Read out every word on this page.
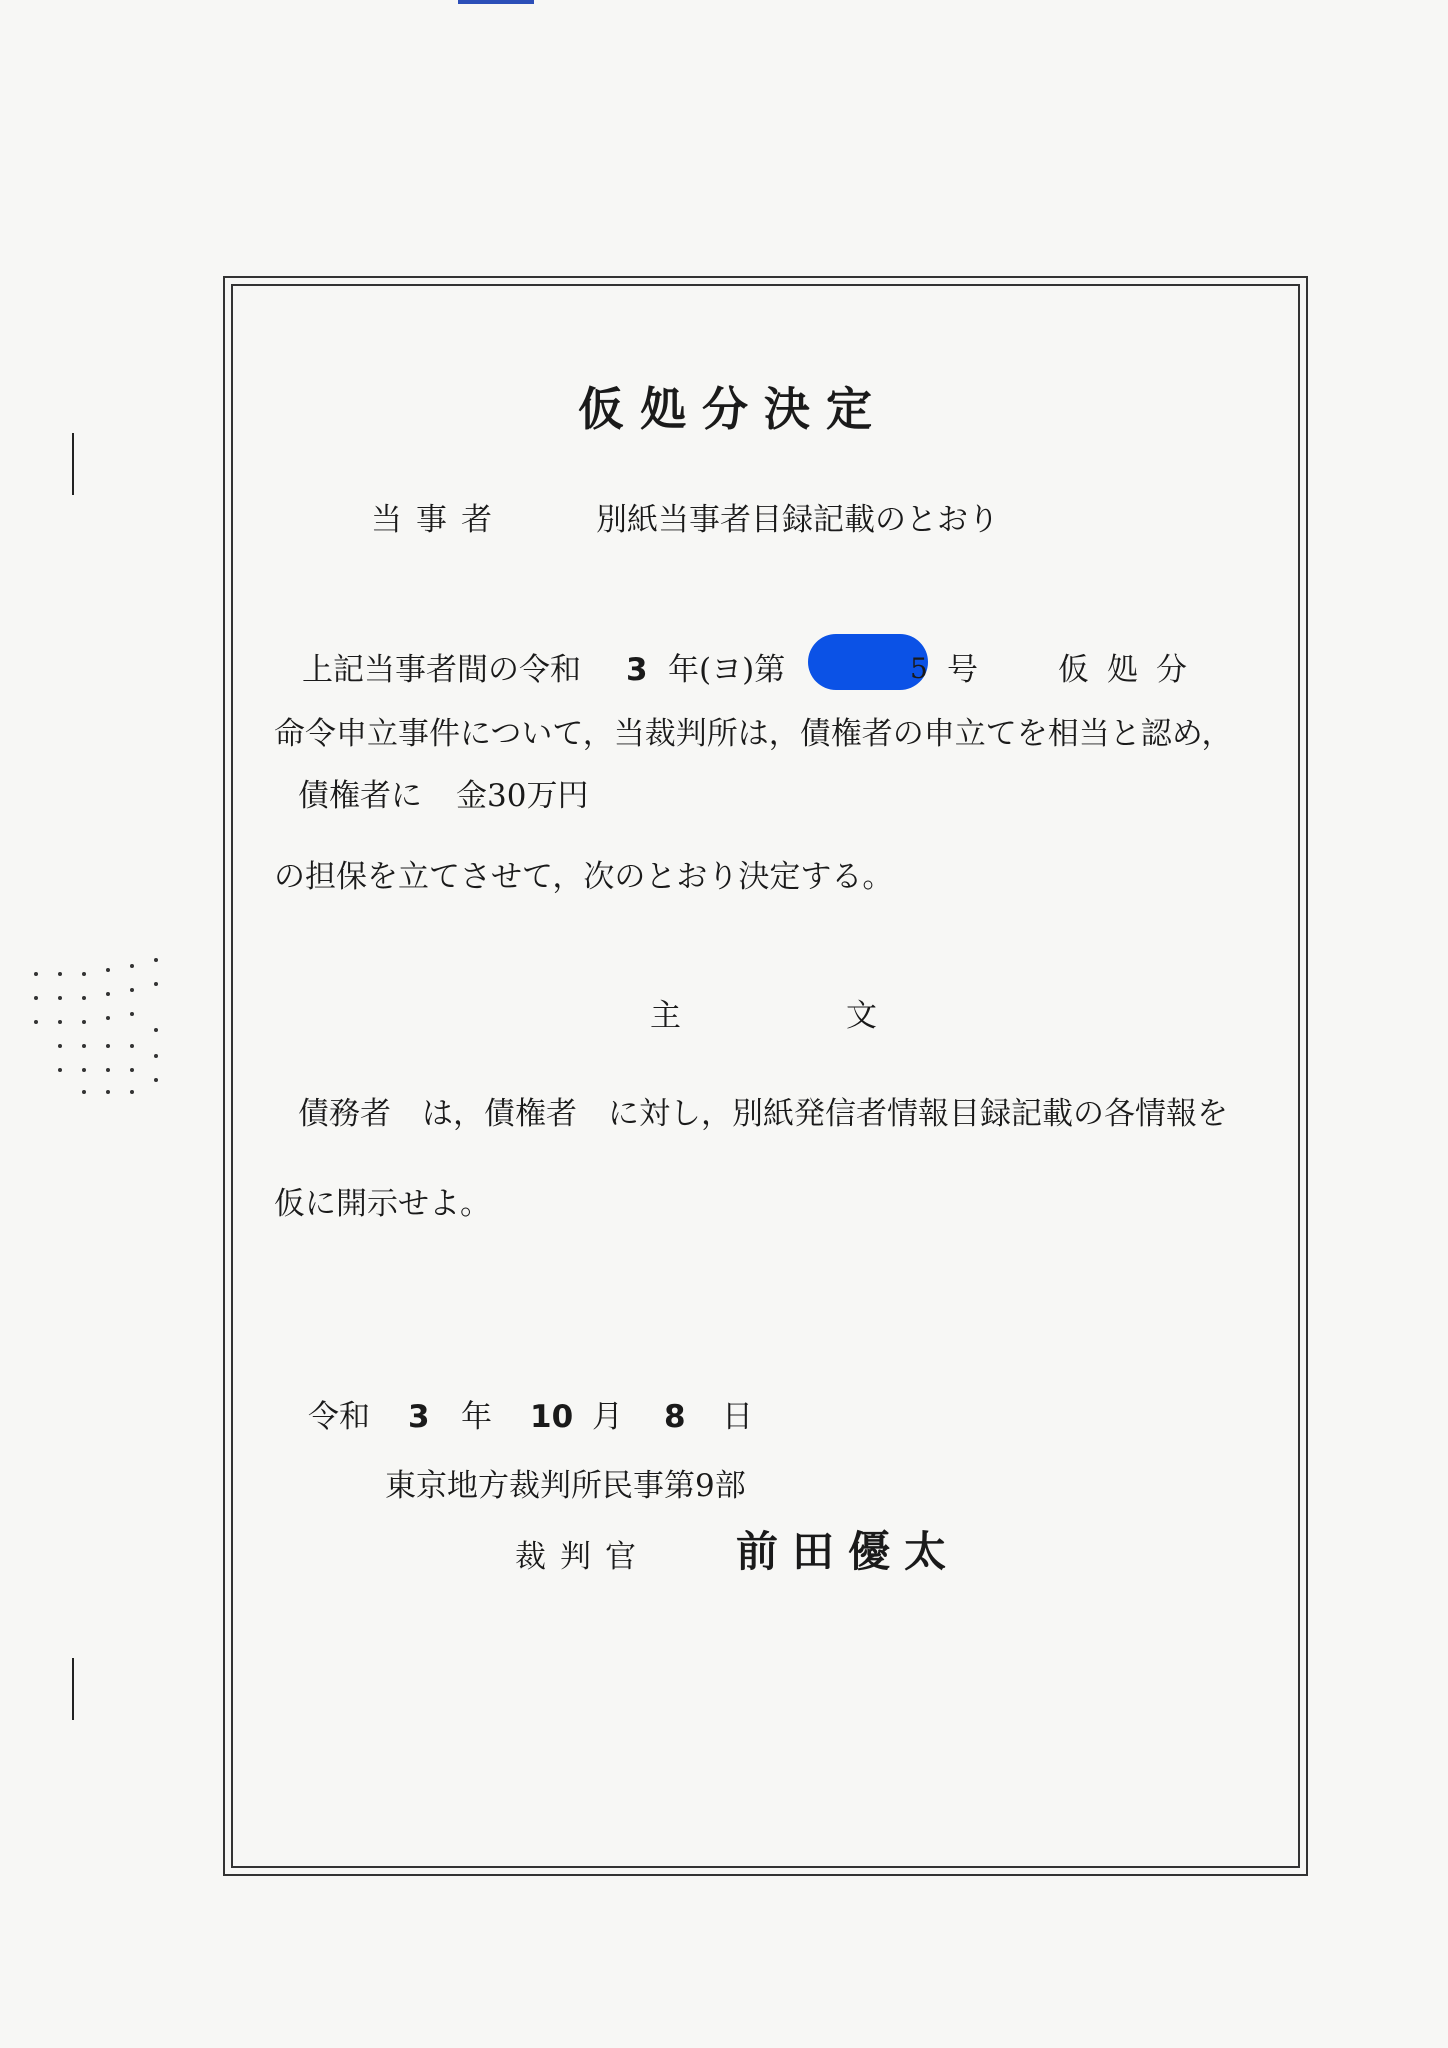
仮処分決定
当事者	別紙当事者目録記載のとおり
上記当事者間の令和 3 年(ヨ)第	5 号	仮処分
命令申立事件について，当裁判所は，債権者の申立てを相当と認め，
債権者に 金30万円
の担保を立てさせて，次のとおり決定する。
主	文
債務者　は，債権者　に対し，別紙発信者情報目録記載の各情報を
仮に開示せよ。
令和 3 年 10 月 8 日
東京地方裁判所民事第9部
裁判官 前田優太
